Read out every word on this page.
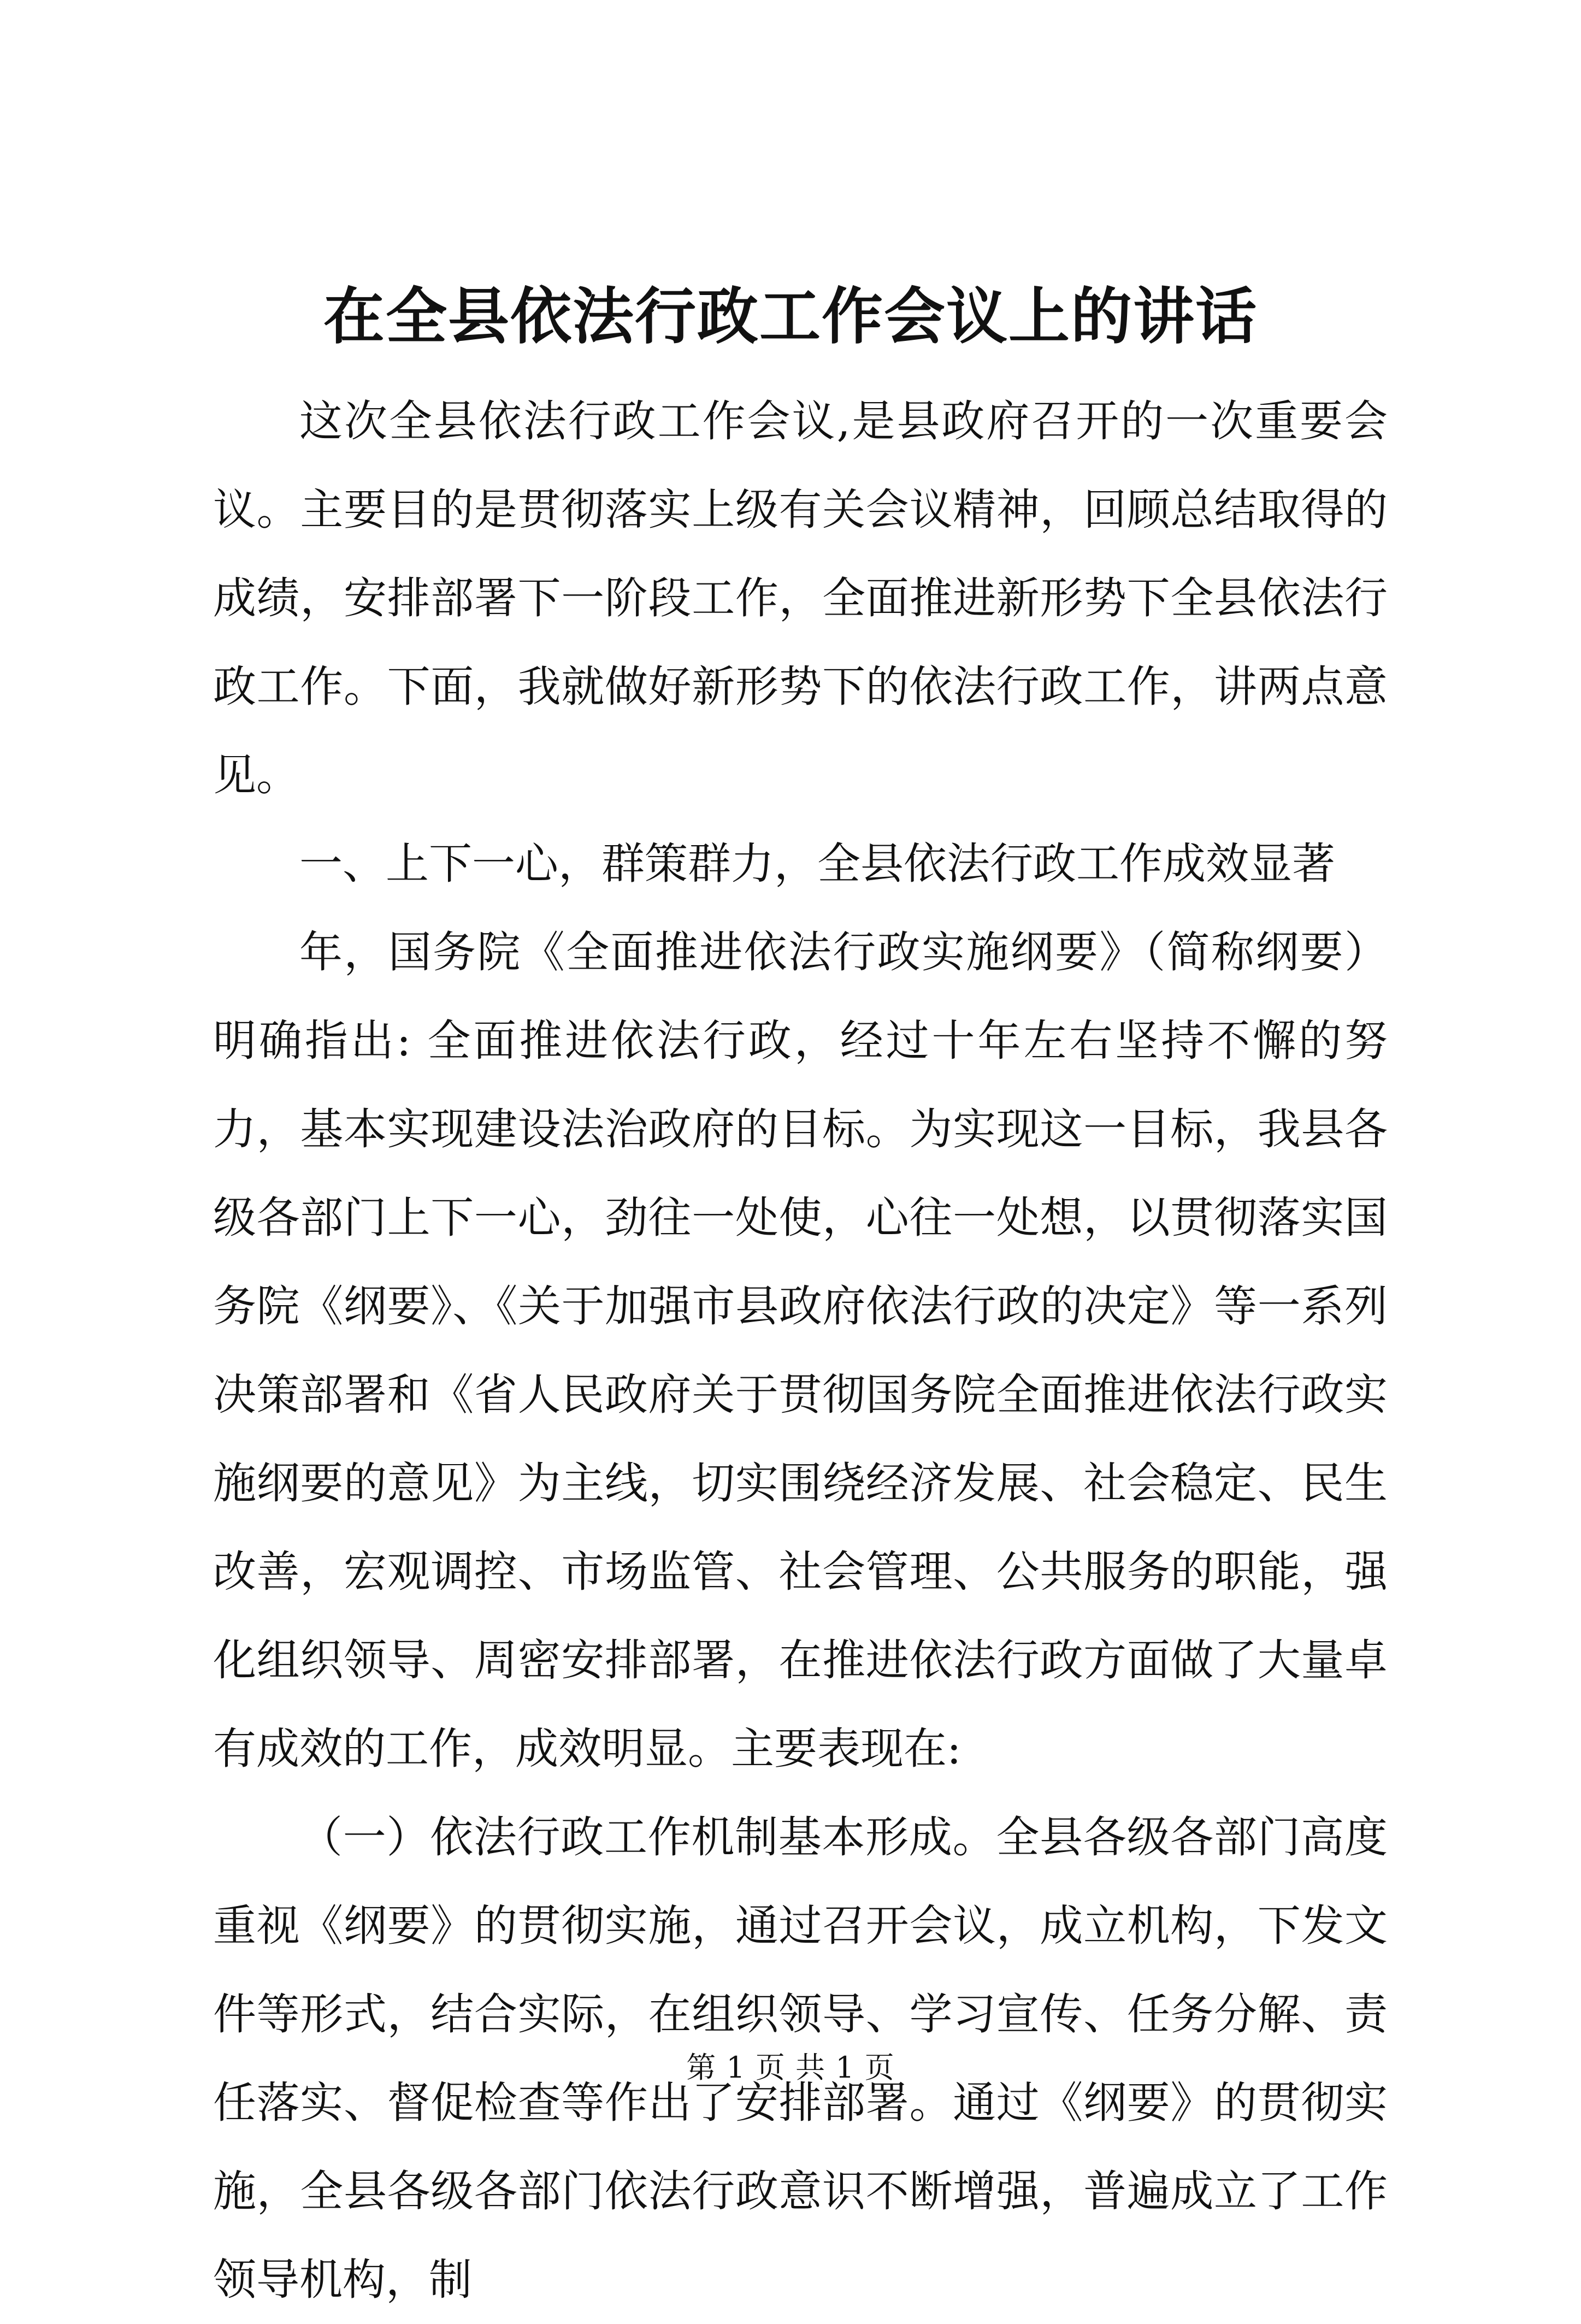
在全县依法行政工作会议上的讲话

这次全县依法行政工作会议,是县政府召开的一次重要会议。主要目的是贯彻落实上级有关会议精神，回顾总结取得的成绩，安排部署下一阶段工作，全面推进新形势下全县依法行政工作。下面，我就做好新形势下的依法行政工作，讲两点意见。

一、上下一心，群策群力，全县依法行政工作成效显著

年，国务院《全面推进依法行政实施纲要》（简称纲要）明确指出: 全面推进依法行政，经过十年左右坚持不懈的努力，基本实现建设法治政府的目标。为实现这一目标，我县各级各部门上下一心，劲往一处使，心往一处想，以贯彻落实国务院《纲要》、《关于加强市县政府依法行政的决定》等一系列决策部署和《省人民政府关于贯彻国务院全面推进依法行政实施纲要的意见》为主线，切实围绕经济发展、社会稳定、民生改善，宏观调控、市场监管、社会管理、公共服务的职能，强化组织领导、周密安排部署，在推进依法行政方面做了大量卓有成效的工作，成效明显。主要表现在:

（一）依法行政工作机制基本形成。全县各级各部门高度重视《纲要》的贯彻实施，通过召开会议，成立机构，下发文件等形式，结合实际，在组织领导、学习宣传、任务分解、责任落实、督促检查等作出了安排部署。通过《纲要》的贯彻实施，全县各级各部门依法行政意识不断增强，普遍成立了工作领导机构，制

第 1 页 共 1 页
